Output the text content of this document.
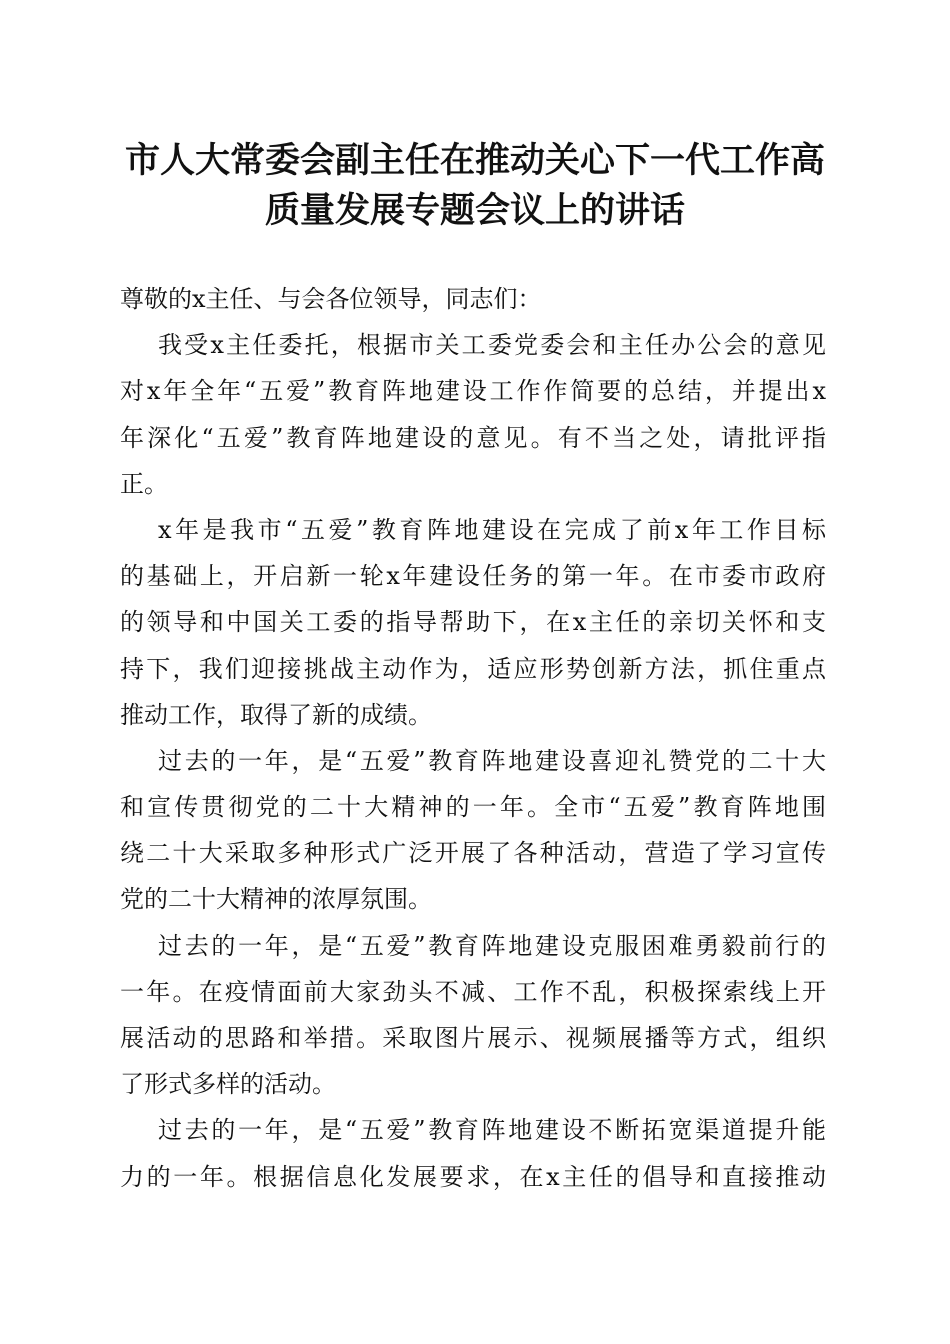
市人大常委会副主任在推动关心下一代工作高
质量发展专题会议上的讲话
尊敬的x主任、与会各位领导，同志们：
我受x主任委托，根据市关工委党委会和主任办公会的意见
对x年全年“五爱”教育阵地建设工作作简要的总结，并提出x
年深化“五爱”教育阵地建设的意见。有不当之处，请批评指
正。
x年是我市“五爱”教育阵地建设在完成了前x年工作目标
的基础上，开启新一轮x年建设任务的第一年。在市委市政府
的领导和中国关工委的指导帮助下，在x主任的亲切关怀和支
持下，我们迎接挑战主动作为，适应形势创新方法，抓住重点
推动工作，取得了新的成绩。
过去的一年，是“五爱”教育阵地建设喜迎礼赞党的二十大
和宣传贯彻党的二十大精神的一年。全市“五爱”教育阵地围
绕二十大采取多种形式广泛开展了各种活动，营造了学习宣传
党的二十大精神的浓厚氛围。
过去的一年，是“五爱”教育阵地建设克服困难勇毅前行的
一年。在疫情面前大家劲头不减、工作不乱，积极探索线上开
展活动的思路和举措。采取图片展示、视频展播等方式，组织
了形式多样的活动。
过去的一年，是“五爱”教育阵地建设不断拓宽渠道提升能
力的一年。根据信息化发展要求，在x主任的倡导和直接推动
